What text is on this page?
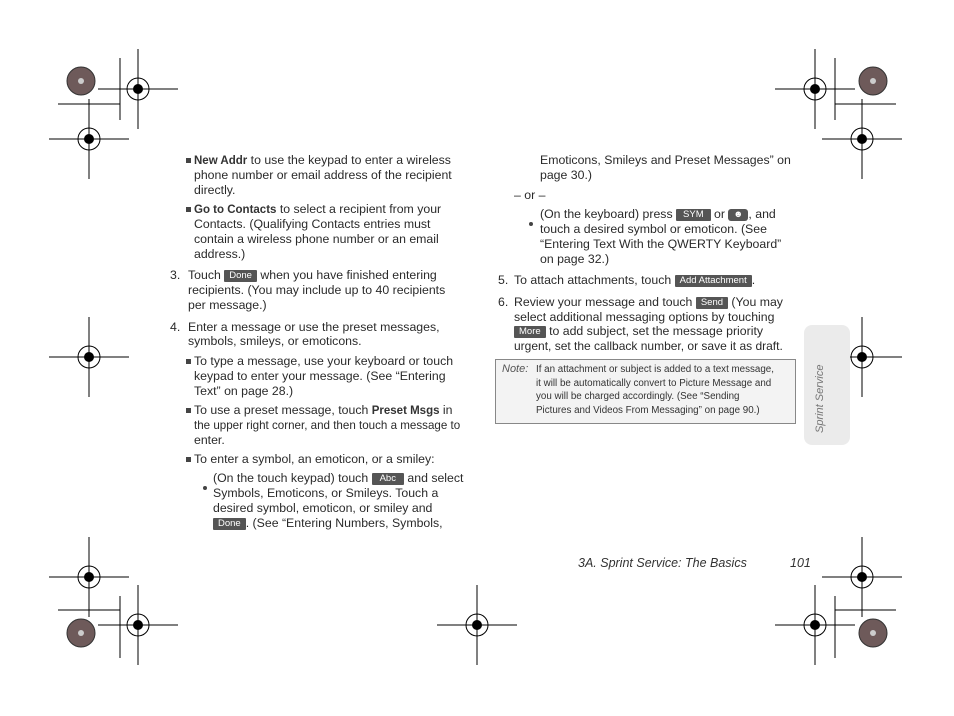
Sprint Service
New Addr to use the keypad to enter a wireless
phone number or email address of the recipient
directly.
Go to Contacts to select a recipient from your
Contacts. (Qualifying Contacts entries must
contain a wireless phone number or an email
address.)
3. Touch Done when you have finished entering
recipients. (You may include up to 40 recipients
per message.)
4. Enter a message or use the preset messages,
symbols, smileys, or emoticons.
To type a message, use your keyboard or touch
keypad to enter your message. (See “Entering
Text” on page 28.)
To use a preset message, touch Preset Msgs in
the upper right corner, and then touch a message to
enter.
To enter a symbol, an emoticon, or a smiley:
(On the touch keypad) touch Abc and select
Symbols, Emoticons, or Smileys. Touch a
desired symbol, emoticon, or smiley and
Done . (See “Entering Numbers, Symbols,
Emoticons, Smileys and Preset Messages” on
page 30.)
– or –
(On the keyboard) press SYM or ☻ , and
touch a desired symbol or emoticon. (See
“Entering Text With the QWERTY Keyboard”
on page 32.)
5. To attach attachments, touch Add Attachment .
6. Review your message and touch Send (You may
select additional messaging options by touching
More to add subject, set the message priority
urgent, set the callback number, or save it as draft.
Note: If an attachment or subject is added to a text message,
it will be automatically convert to Picture Message and
you will be charged accordingly. (See “Sending
Pictures and Videos From Messaging” on page 90.)
3A. Sprint Service: The Basics	101
